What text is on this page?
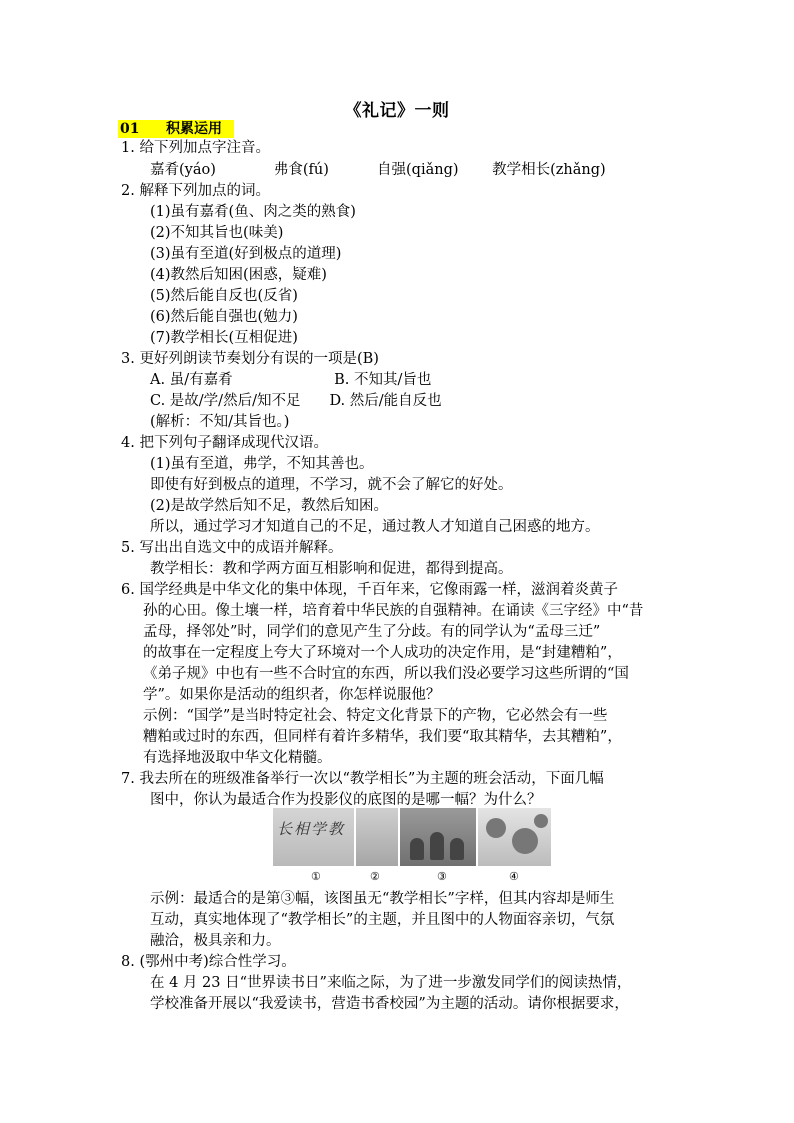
《礼记》一则
01 积累运用
1. 给下列加点字注音。
嘉肴(yáo)　　　　弗食(fú)　　　 自强(qiǎng)　　 教学相长(zhǎng)
2. 解释下列加点的词。
(1)虽有嘉肴(鱼、肉之类的熟食)
(2)不知其旨也(味美)
(3)虽有至道(好到极点的道理)
(4)教然后知困(困惑，疑难)
(5)然后能自反也(反省)
(6)然后能自强也(勉力)
(7)教学相长(互相促进)
3. 更好列朗读节奏划分有误的一项是(B)
A. 虽/有嘉肴　　　　　　　B. 不知其/旨也
C. 是故/学/然后/知不足　　D. 然后/能自反也
(解析：不知/其旨也。)
4. 把下列句子翻译成现代汉语。
(1)虽有至道，弗学，不知其善也。
即使有好到极点的道理，不学习，就不会了解它的好处。
(2)是故学然后知不足，教然后知困。
所以，通过学习才知道自己的不足，通过教人才知道自己困惑的地方。
5. 写出出自选文中的成语并解释。
教学相长：教和学两方面互相影响和促进，都得到提高。
6. 国学经典是中华文化的集中体现，千百年来，它像雨露一样，滋润着炎黄子
孙的心田。像土壤一样，培育着中华民族的自强精神。在诵读《三字经》中“昔
孟母，择邻处”时，同学们的意见产生了分歧。有的同学认为“孟母三迁”
的故事在一定程度上夸大了环境对一个人成功的决定作用，是“封建糟粕”，
《弟子规》中也有一些不合时宜的东西，所以我们没必要学习这些所谓的“国
学”。如果你是活动的组织者，你怎样说服他？
示例：“国学”是当时特定社会、特定文化背景下的产物，它必然会有一些
糟粕或过时的东西，但同样有着许多精华，我们要“取其精华，去其糟粕”，
有选择地汲取中华文化精髓。
7. 我去所在的班级准备举行一次以“教学相长”为主题的班会活动，下面几幅
图中，你认为最适合作为投影仪的底图的是哪一幅？为什么？
示例：最适合的是第③幅，该图虽无“教学相长”字样，但其内容却是师生
互动，真实地体现了“教学相长”的主题，并且图中的人物面容亲切，气氛
融洽，极具亲和力。
8. (鄂州中考)综合性学习。
在 4 月 23 日“世界读书日”来临之际，为了进一步激发同学们的阅读热情，
学校准备开展以“我爱读书，营造书香校园”为主题的活动。请你根据要求，
长相学教
①	②	③	④
